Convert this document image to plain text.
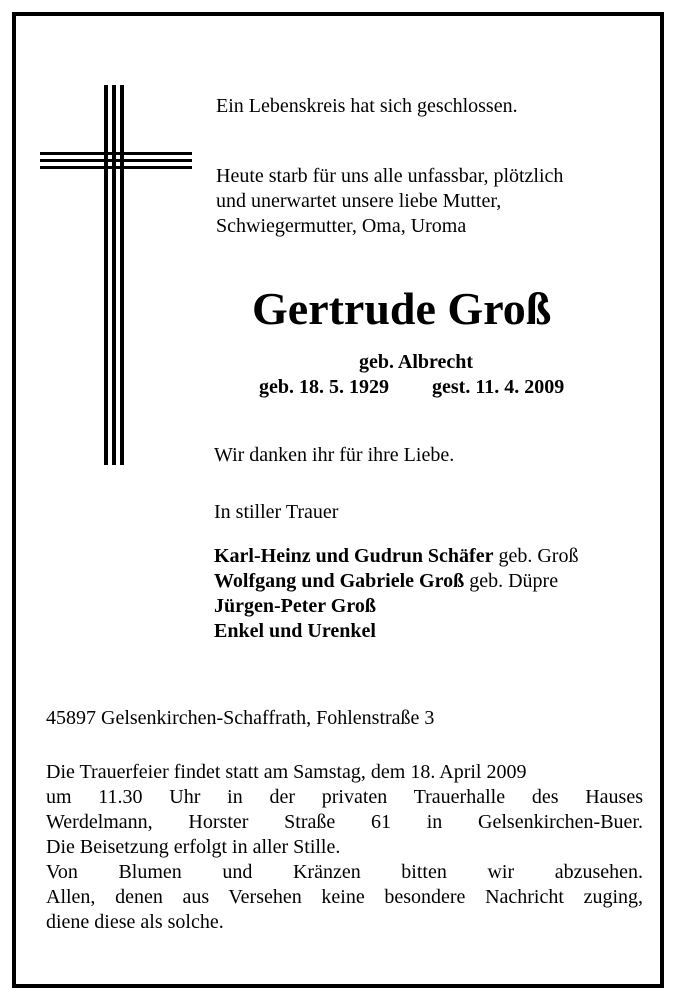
Ein Lebenskreis hat sich geschlossen.
Heute starb für uns alle unfassbar, plötzlich
und unerwartet unsere liebe Mutter,
Schwiegermutter, Oma, Uroma
Gertrude Groß
geb. Albrecht
geb. 18. 5. 1929 gest. 11. 4. 2009
Wir danken ihr für ihre Liebe.
In stiller Trauer
Karl-Heinz und Gudrun Schäfer geb. Groß
Wolfgang und Gabriele Groß geb. Düpre
Jürgen-Peter Groß
Enkel und Urenkel
45897 Gelsenkirchen-Schaffrath, Fohlenstraße 3
Die Trauerfeier findet statt am Samstag, dem 18. April 2009
um 11.30 Uhr in der privaten Trauerhalle des Hauses
Werdelmann, Horster Straße 61 in Gelsenkirchen-Buer.
Die Beisetzung erfolgt in aller Stille.
Von Blumen und Kränzen bitten wir abzusehen.
Allen, denen aus Versehen keine besondere Nachricht zuging,
diene diese als solche.
